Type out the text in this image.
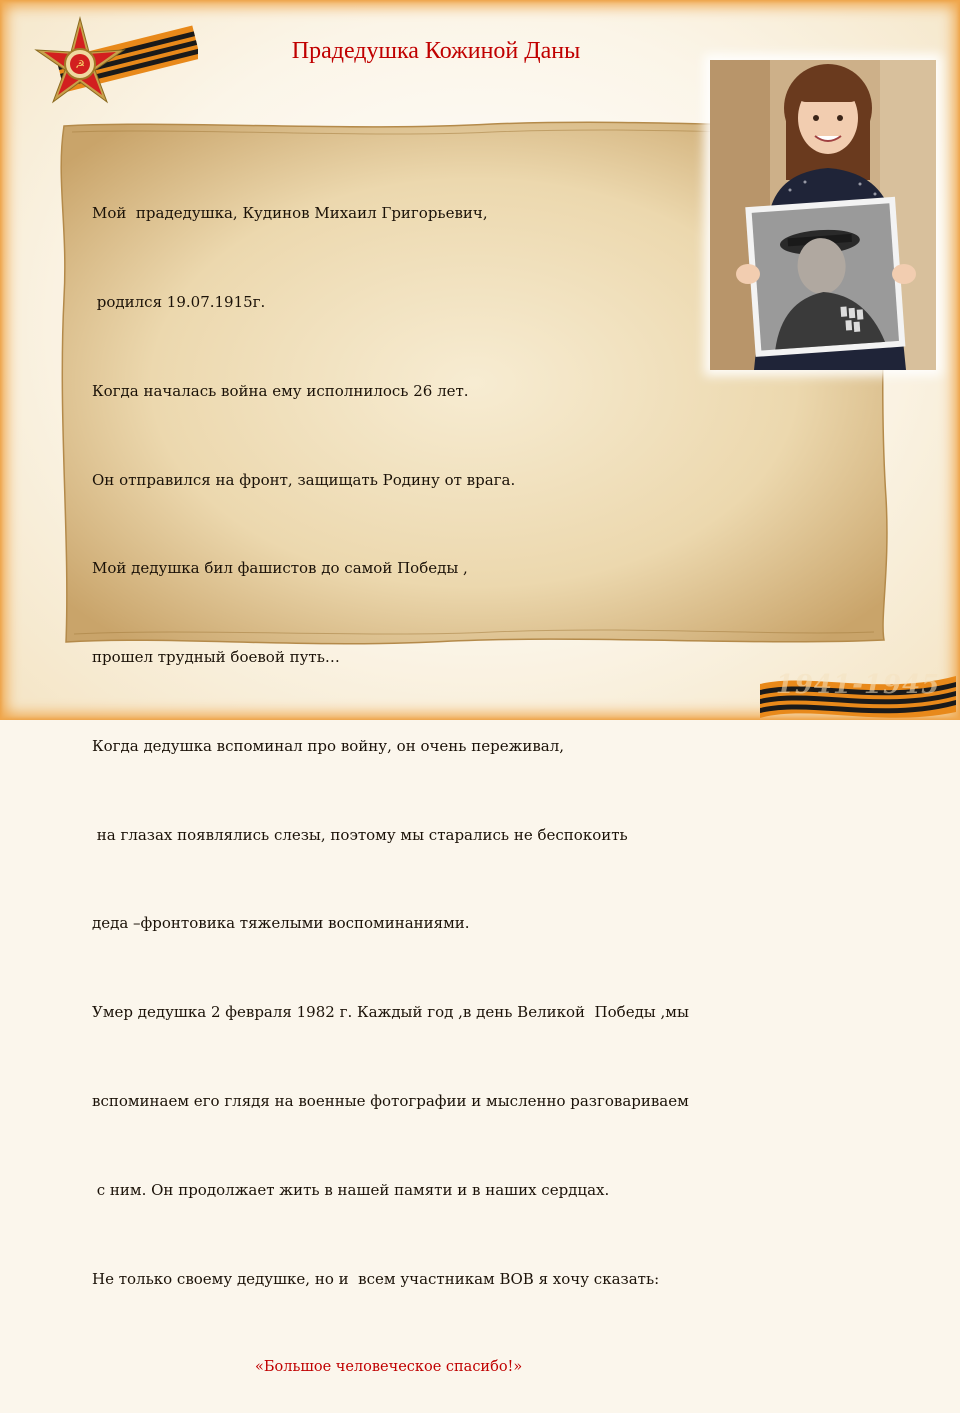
☭
Прадедушка Кожиной Даны

Мой  прадедушка, Кудинов Михаил Григорьевич,

родился 19.07.1915г.

Когда началась война ему исполнилось 26 лет.

Он отправился на фронт, защищать Родину от врага.

Мой дедушка бил фашистов до самой Победы ,

прошел трудный боевой путь…

Когда дедушка вспоминал про войну, он очень переживал,

на глазах появлялись слезы, поэтому мы старались не беспокоить

деда –фронтовика тяжелыми воспоминаниями.

Умер дедушка 2 февраля 1982 г. Каждый год ,в день Великой  Победы ,мы

вспоминаем его глядя на военные фотографии и мысленно разговариваем

с ним. Он продолжает жить в нашей памяти и в наших сердцах.

Не только своему дедушке, но и  всем участникам ВОВ я хочу сказать:

«Большое человеческое спасибо!»

1941-1945
